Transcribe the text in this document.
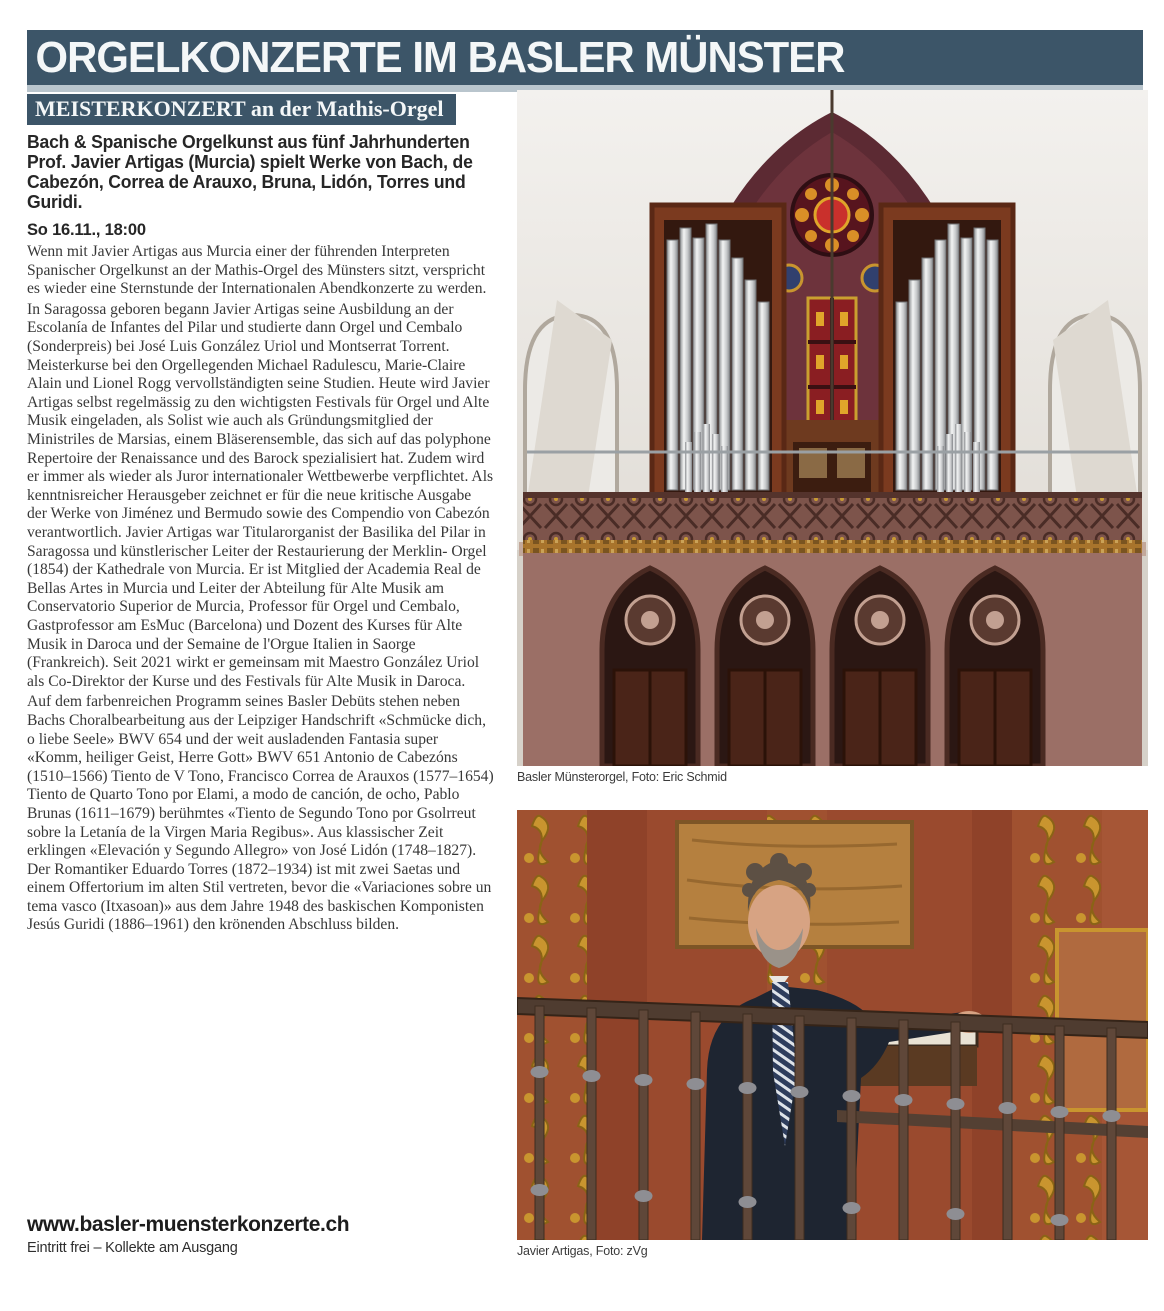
ORGELKONZERTE IM BASLER MÜNSTER
MEISTERKONZERT an der Mathis-Orgel
Bach & Spanische Orgelkunst aus fünf Jahrhunderten
Prof. Javier Artigas (Murcia) spielt Werke von Bach, de Cabezón, Correa de Arauxo, Bruna, Lidón, Torres und Guridi.
So 16.11., 18:00

Wenn mit Javier Artigas aus Murcia einer der führenden Interpreten Spanischer Orgelkunst an der Mathis-Orgel des Münsters sitzt, verspricht es wieder eine Sternstunde der Internationalen Abendkonzerte zu werden.

In Saragossa geboren begann Javier Artigas seine Ausbildung an der Escolanía de Infantes del Pilar und studierte dann Orgel und Cembalo (Sonderpreis) bei José Luis González Uriol und Montserrat Torrent. Meisterkurse bei den Orgellegenden Michael Radulescu, Marie-Claire Alain und Lionel Rogg vervollständigten seine Studien. Heute wird Javier Artigas selbst regelmässig zu den wichtigsten Festivals für Orgel und Alte Musik eingeladen, als Solist wie auch als Gründungsmitglied der Ministriles de Marsias, einem Bläserensemble, das sich auf das polyphone Repertoire der Renaissance und des Barock spezialisiert hat. Zudem wird er immer als wieder als Juror internationaler Wettbewerbe verpflichtet. Als kenntnisreicher Herausgeber zeichnet er für die neue kritische Ausgabe der Werke von Jiménez und Bermudo sowie des Compendio von Cabezón verantwortlich. Javier Artigas war Titularorganist der Basilika del Pilar in Saragossa und künstlerischer Leiter der Restaurierung der Merklin- Orgel (1854) der Kathedrale von Murcia. Er ist Mitglied der Academia Real de Bellas Artes in Murcia und Leiter der Abteilung für Alte Musik am Conservatorio Superior de Murcia, Professor für Orgel und Cembalo, Gastprofessor am EsMuc (Barcelona) und Dozent des Kurses für Alte Musik in Daroca und der Semaine de l'Orgue Italien in Saorge (Frankreich). Seit 2021 wirkt er gemeinsam mit Maestro González Uriol als Co-Direktor der Kurse und des Festivals für Alte Musik in Daroca.

Auf dem farbenreichen Programm seines Basler Debüts stehen neben Bachs Choralbearbeitung aus der Leipziger Handschrift «Schmücke dich, o liebe Seele» BWV 654 und der weit ausladenden Fantasia super «Komm, heiliger Geist, Herre Gott» BWV 651 Antonio de Cabezóns (1510–1566) Tiento de V Tono, Francisco Correa de Arauxos (1577–1654) Tiento de Quarto Tono por Elami, a modo de canción, de ocho, Pablo Brunas (1611–1679) berühmtes «Tiento de Segundo Tono por Gsolrreut sobre la Letanía de la Virgen Maria Regibus». Aus klassischer Zeit erklingen «Elevación y Segundo Allegro» von José Lidón (1748–1827). Der Romantiker Eduardo Torres (1872–1934) ist mit zwei Saetas und einem Offertorium im alten Stil vertreten, bevor die «Variaciones sobre un tema vasco (Itxasoan)» aus dem Jahre 1948 des baskischen Komponisten Jesús Guridi (1886–1961) den krönenden Abschluss bilden.

Basler Münsterorgel, Foto: Eric Schmid
Javier Artigas, Foto: zVg
www.basler-muensterkonzerte.ch
Eintritt frei – Kollekte am Ausgang
